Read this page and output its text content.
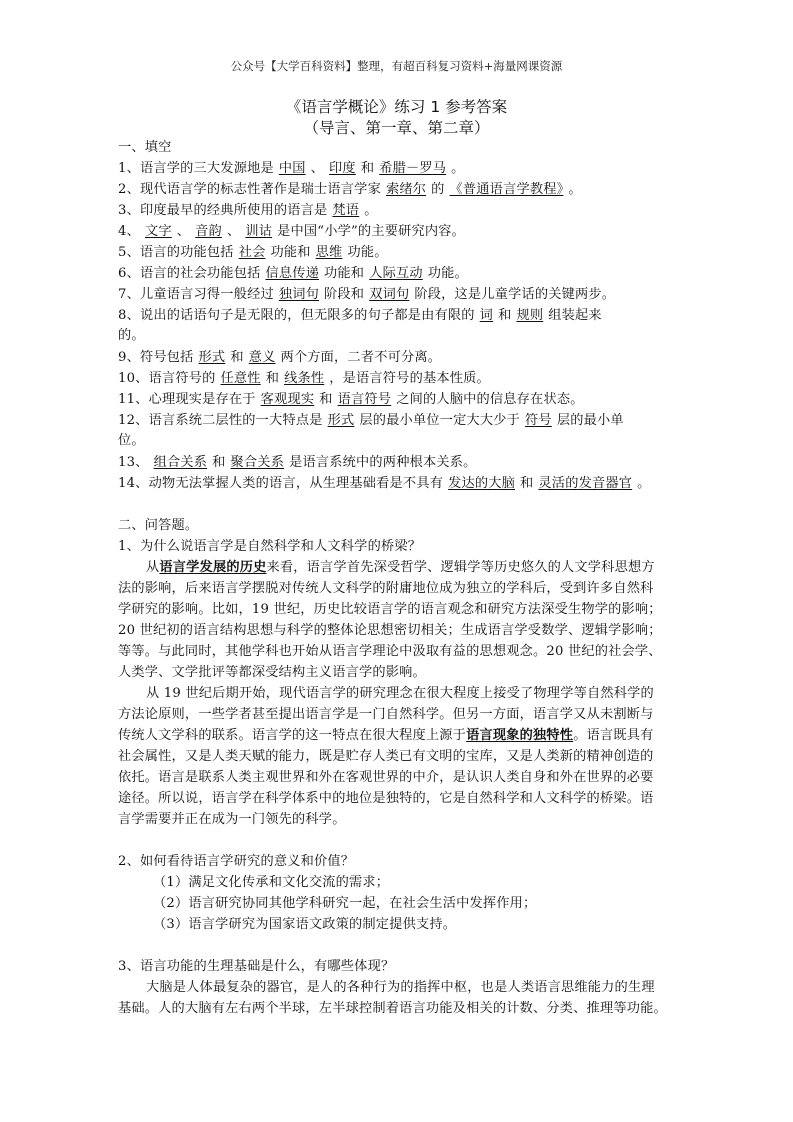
公众号【大学百科资料】整理，有超百科复习资料+海量网课资源
《语言学概论》练习 1 参考答案
（导言、第一章、第二章）
一、填空
1、语言学的三大发源地是 中国 、 印度 和 希腊－罗马 。
2、现代语言学的标志性著作是瑞士语言学家 索绪尔 的 《普通语言学教程》 。
3、印度最早的经典所使用的语言是 梵语 。
4、 文字 、 音韵 、 训诂 是中国“小学”的主要研究内容。
5、语言的功能包括 社会 功能和 思维 功能。
6、语言的社会功能包括 信息传递 功能和 人际互动 功能。
7、儿童语言习得一般经过 独词句 阶段和 双词句 阶段，这是儿童学话的关键两步。
8、说出的话语句子是无限的，但无限多的句子都是由有限的 词 和 规则 组装起来
的。
9、符号包括 形式 和 意义 两个方面，二者不可分离。
10、语言符号的 任意性 和 线条性 ，是语言符号的基本性质。
11、心理现实是存在于 客观现实 和 语言符号 之间的人脑中的信息存在状态。
12、语言系统二层性的一大特点是 形式 层的最小单位一定大大少于 符号 层的最小单
位。
13、 组合关系 和 聚合关系 是语言系统中的两种根本关系。
14、动物无法掌握人类的语言，从生理基础看是不具有 发达的大脑 和 灵活的发音器官 。
二、问答题。
1、为什么说语言学是自然科学和人文科学的桥梁？
从语言学发展的历史来看，语言学首先深受哲学、逻辑学等历史悠久的人文学科思想方
法的影响，后来语言学摆脱对传统人文科学的附庸地位成为独立的学科后，受到许多自然科
学研究的影响。比如，19 世纪，历史比较语言学的语言观念和研究方法深受生物学的影响；
20 世纪初的语言结构思想与科学的整体论思想密切相关；生成语言学受数学、逻辑学影响；
等等。与此同时，其他学科也开始从语言学理论中汲取有益的思想观念。20 世纪的社会学、
人类学、文学批评等都深受结构主义语言学的影响。
从 19 世纪后期开始，现代语言学的研究理念在很大程度上接受了物理学等自然科学的
方法论原则，一些学者甚至提出语言学是一门自然科学。但另一方面，语言学又从未割断与
传统人文学科的联系。语言学的这一特点在很大程度上源于语言现象的独特性。语言既具有
社会属性，又是人类天赋的能力，既是贮存人类已有文明的宝库，又是人类新的精神创造的
依托。语言是联系人类主观世界和外在客观世界的中介，是认识人类自身和外在世界的必要
途径。所以说，语言学在科学体系中的地位是独特的，它是自然科学和人文科学的桥梁。语
言学需要并正在成为一门领先的科学。
2、如何看待语言学研究的意义和价值？
（1）满足文化传承和文化交流的需求；
（2）语言研究协同其他学科研究一起，在社会生活中发挥作用；
（3）语言学研究为国家语文政策的制定提供支持。
3、语言功能的生理基础是什么，有哪些体现？
大脑是人体最复杂的器官，是人的各种行为的指挥中枢，也是人类语言思维能力的生理
基础。人的大脑有左右两个半球，左半球控制着语言功能及相关的计数、分类、推理等功能。
